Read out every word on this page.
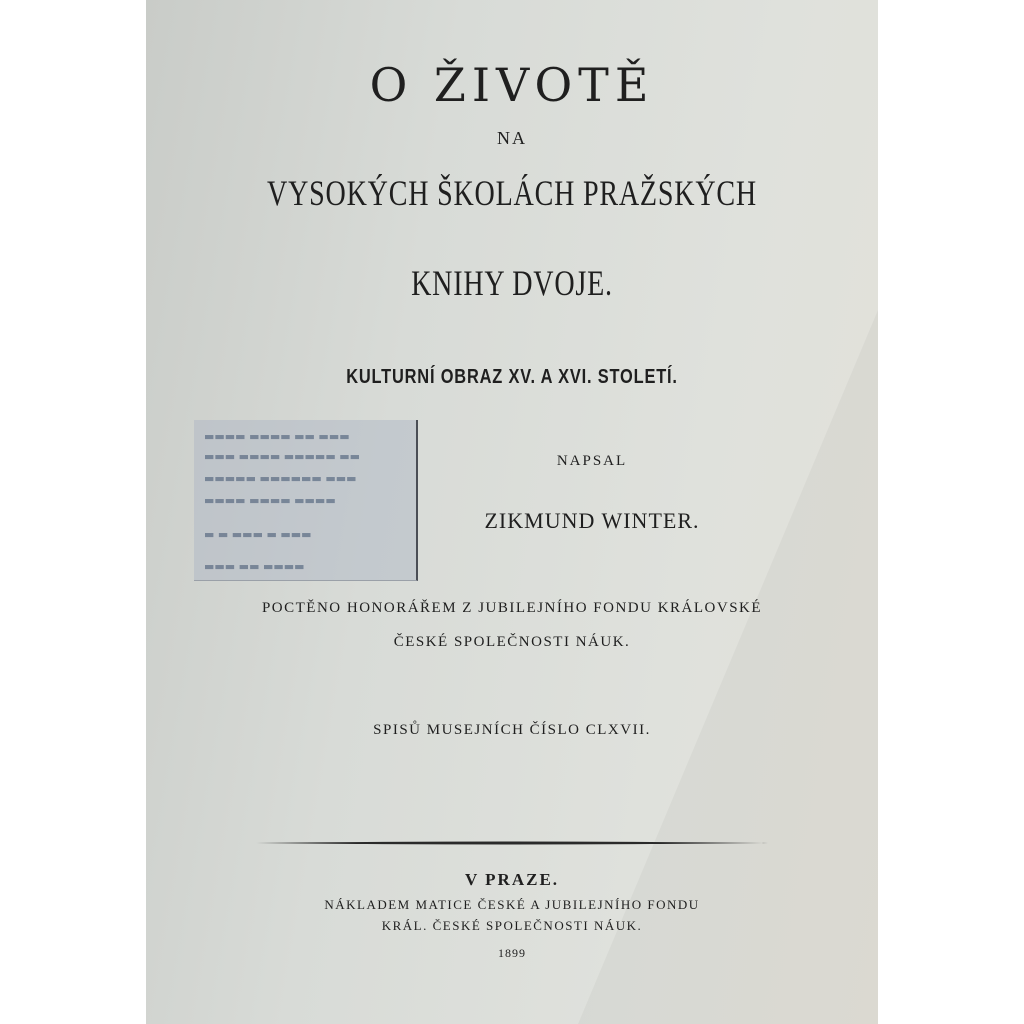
▬▬▬▬ ▬▬▬▬ ▬▬ ▬▬▬
▬▬▬ ▬▬▬▬ ▬▬▬▬▬ ▬▬
▬▬▬▬▬ ▬▬▬▬▬▬ ▬▬▬
▬▬▬▬ ▬▬▬▬ ▬▬▬▬
▬ ▬ ▬▬▬ ▬ ▬▬▬
▬▬▬ ▬▬ ▬▬▬▬
O ŽIVOTĚ
NA
VYSOKÝCH ŠKOLÁCH PRAŽSKÝCH
KNIHY DVOJE.
KULTURNÍ OBRAZ XV. A XVI. STOLETÍ.
NAPSAL
ZIKMUND WINTER.
POCTĚNO HONORÁŘEM Z JUBILEJNÍHO FONDU KRÁLOVSKÉ
ČESKÉ SPOLEČNOSTI NÁUK.
SPISŮ MUSEJNÍCH ČÍSLO CLXVII.
V PRAZE.
NÁKLADEM MATICE ČESKÉ A JUBILEJNÍHO FONDU
KRÁL. ČESKÉ SPOLEČNOSTI NÁUK.
1899
